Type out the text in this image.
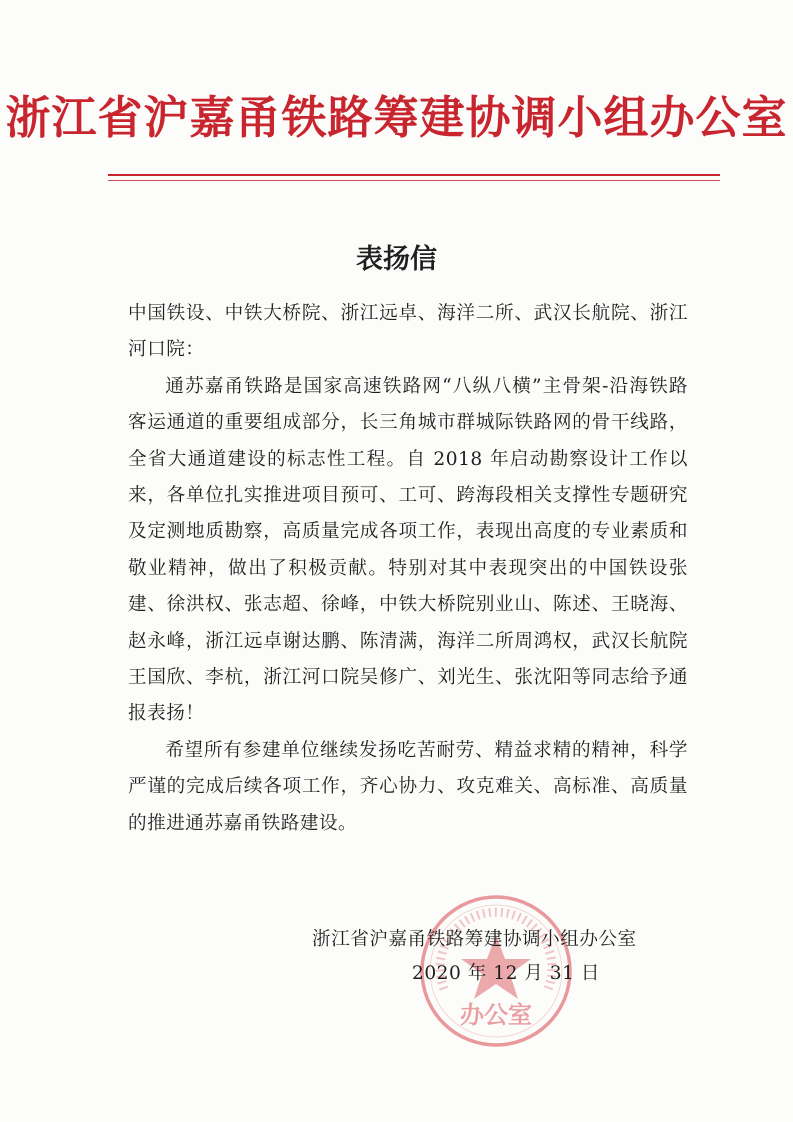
浙江省沪嘉甬铁路筹建协调小组办公室
表扬信

中国铁设、中铁大桥院、浙江远卓、海洋二所、武汉长航院、浙江河口院：

通苏嘉甬铁路是国家高速铁路网“八纵八横”主骨架-沿海铁路客运通道的重要组成部分，长三角城市群城际铁路网的骨干线路，全省大通道建设的标志性工程。自 2018 年启动勘察设计工作以来，各单位扎实推进项目预可、工可、跨海段相关支撑性专题研究及定测地质勘察，高质量完成各项工作，表现出高度的专业素质和敬业精神，做出了积极贡献。特别对其中表现突出的中国铁设张建、徐洪权、张志超、徐峰，中铁大桥院别业山、陈述、王晓海、赵永峰，浙江远卓谢达鹏、陈清满，海洋二所周鸿权，武汉长航院王国欣、李杭，浙江河口院吴修广、刘光生、张沈阳等同志给予通报表扬！

希望所有参建单位继续发扬吃苦耐劳、精益求精的精神，科学严谨的完成后续各项工作，齐心协力、攻克难关、高标准、高质量的推进通苏嘉甬铁路建设。

办公室
浙江省沪嘉甬铁路筹建协调小组办公室
2020 年 12 月 31 日
